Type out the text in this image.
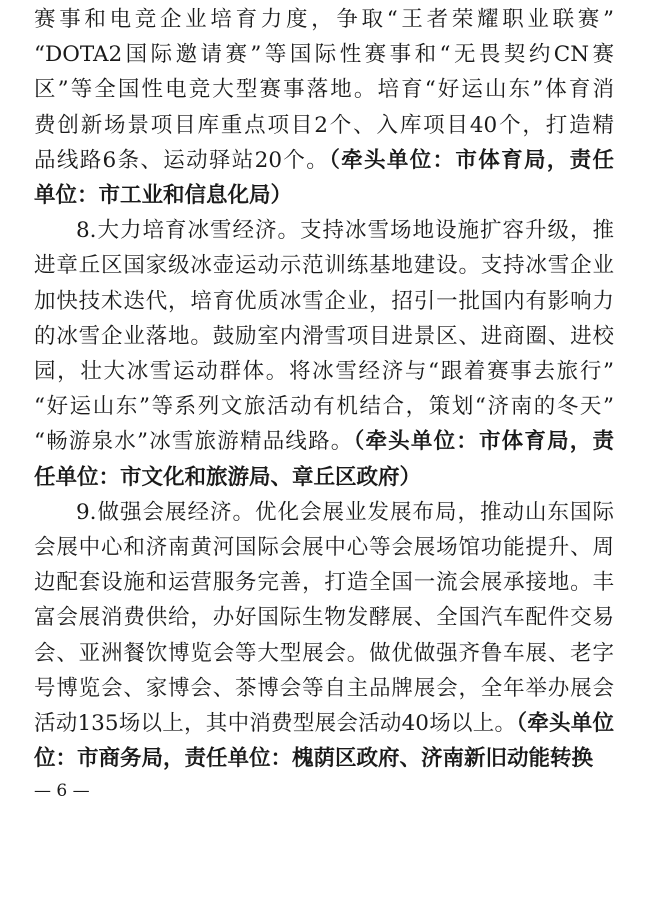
赛事和电竞企业培育力度，争取“王者荣耀职业联赛”
“DOTA2国际邀请赛”等国际性赛事和“无畏契约CN赛
区”等全国性电竞大型赛事落地。培育“好运山东”体育消
费创新场景项目库重点项目2个、入库项目40个，打造精
品线路6条、运动驿站20个。（牵头单位：市体育局，责任
单位：市工业和信息化局）
8.大力培育冰雪经济。支持冰雪场地设施扩容升级，推
进章丘区国家级冰壶运动示范训练基地建设。支持冰雪企业
加快技术迭代，培育优质冰雪企业，招引一批国内有影响力
的冰雪企业落地。鼓励室内滑雪项目进景区、进商圈、进校
园，壮大冰雪运动群体。将冰雪经济与“跟着赛事去旅行”
“好运山东”等系列文旅活动有机结合，策划“济南的冬天”
“畅游泉水”冰雪旅游精品线路。（牵头单位：市体育局，责
任单位：市文化和旅游局、章丘区政府）
9.做强会展经济。优化会展业发展布局，推动山东国际
会展中心和济南黄河国际会展中心等会展场馆功能提升、周
边配套设施和运营服务完善，打造全国一流会展承接地。丰
富会展消费供给，办好国际生物发酵展、全国汽车配件交易
会、亚洲餐饮博览会等大型展会。做优做强齐鲁车展、老字
号博览会、家博会、茶博会等自主品牌展会，全年举办展会
活动135场以上，其中消费型展会活动40场以上。（牵头单位
位：市商务局，责任单位：槐荫区政府、济南新旧动能转换
— 6 —
